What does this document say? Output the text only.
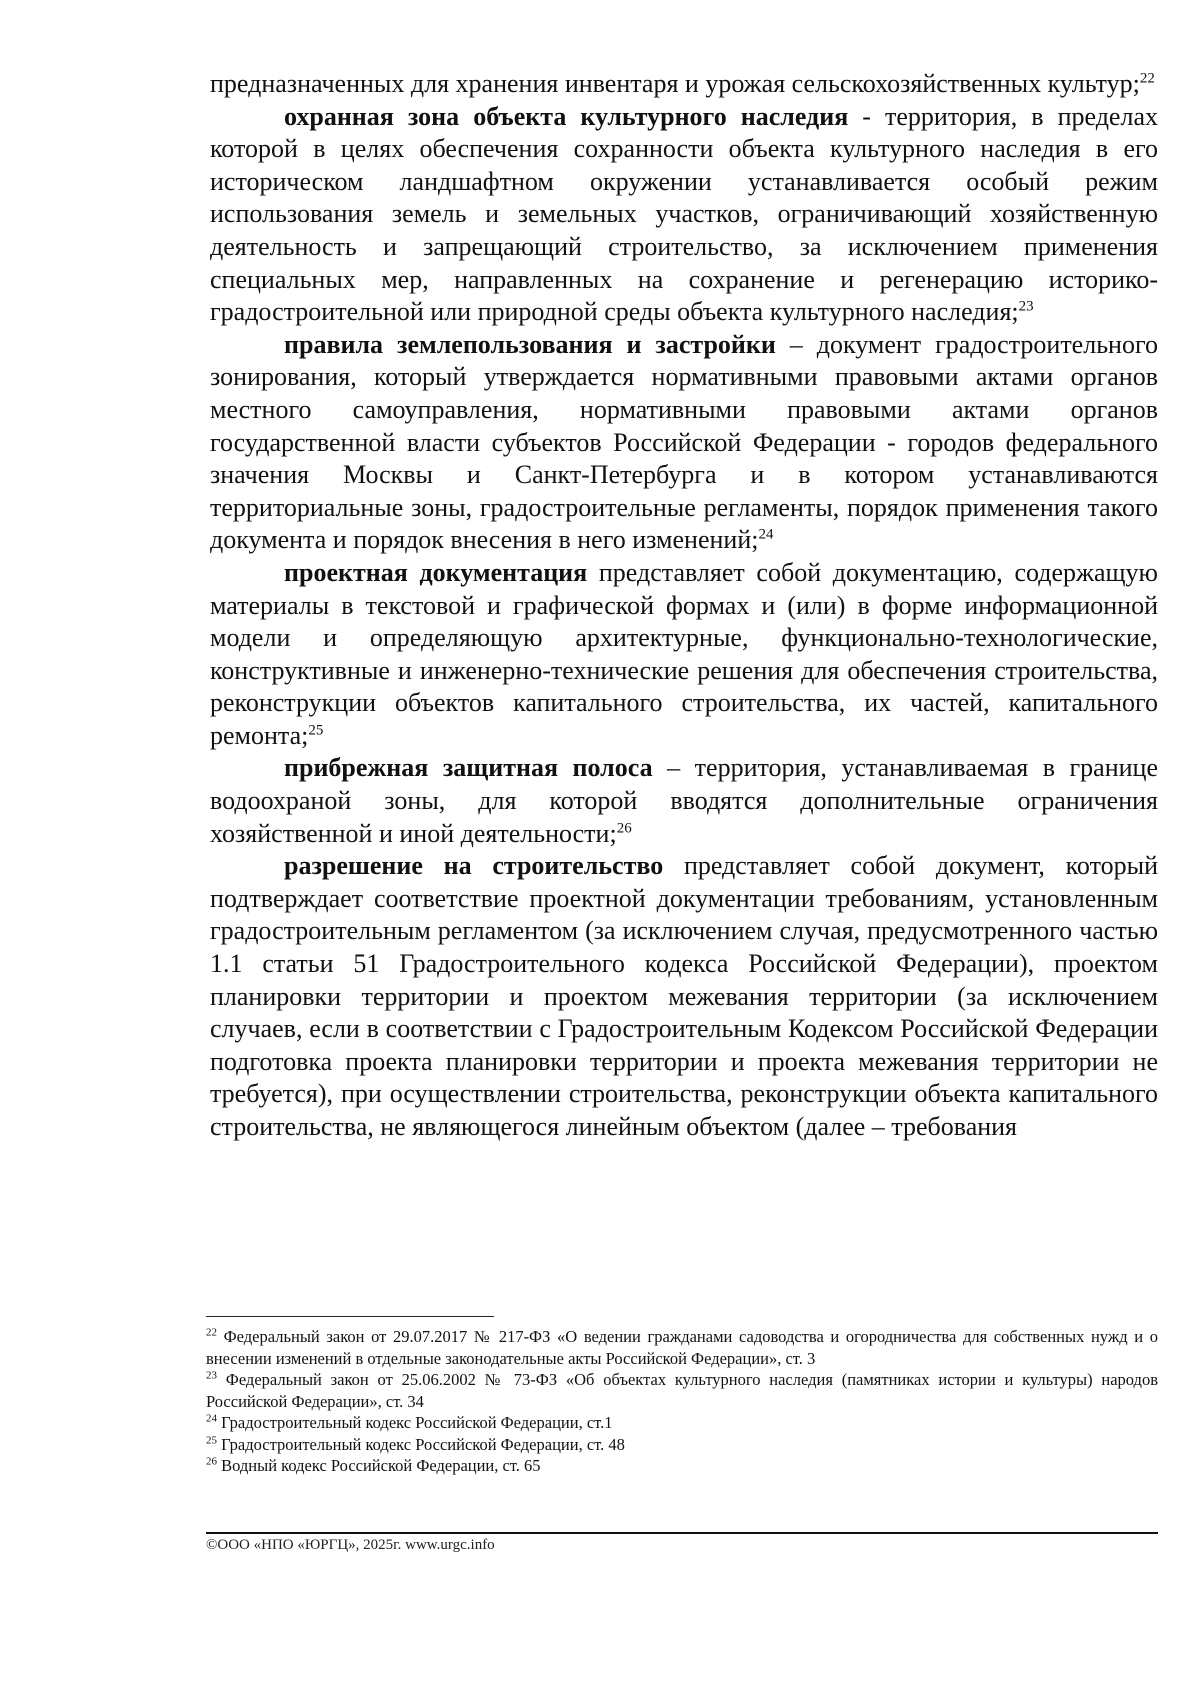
предназначенных для хранения инвентаря и урожая сельскохозяйственных культур;$^{22}$

охранная зона объекта культурного наследия - территория, в пределах которой в целях обеспечения сохранности объекта культурного наследия в его историческом ландшафтном окружении устанавливается особый режим использования земель и земельных участков, ограничивающий хозяйственную деятельность и запрещающий строительство, за исключением применения специальных мер, направленных на сохранение и регенерацию историко-градостроительной или природной среды объекта культурного наследия;$^{23}$

правила землепользования и застройки – документ градостроительного зонирования, который утверждается нормативными правовыми актами органов местного самоуправления, нормативными правовыми актами органов государственной власти субъектов Российской Федерации - городов федерального значения Москвы и Санкт-Петербурга и в котором устанавливаются территориальные зоны, градостроительные регламенты, порядок применения такого документа и порядок внесения в него изменений;$^{24}$

проектная документация представляет собой документацию, содержащую материалы в текстовой и графической формах и (или) в форме информационной модели и определяющую архитектурные, функционально-технологические, конструктивные и инженерно-технические решения для обеспечения строительства, реконструкции объектов капитального строительства, их частей, капитального ремонта;$^{25}$

прибрежная защитная полоса – территория, устанавливаемая в границе водоохраной зоны, для которой вводятся дополнительные ограничения хозяйственной и иной деятельности;$^{26}$

разрешение на строительство представляет собой документ, который подтверждает соответствие проектной документации требованиям, установленным градостроительным регламентом (за исключением случая, предусмотренного частью 1.1 статьи 51 Градостроительного кодекса Российской Федерации), проектом планировки территории и проектом межевания территории (за исключением случаев, если в соответствии с Градостроительным Кодексом Российской Федерации подготовка проекта планировки территории и проекта межевания территории не требуется), при осуществлении строительства, реконструкции объекта капитального строительства, не являющегося линейным объектом (далее – требования

$^{22}$ Федеральный закон от 29.07.2017 № 217-ФЗ «О ведении гражданами садоводства и огородничества для собственных нужд и о внесении изменений в отдельные законодательные акты Российской Федерации», ст. 3

$^{23}$ Федеральный закон от 25.06.2002 № 73-ФЗ «Об объектах культурного наследия (памятниках истории и культуры) народов Российской Федерации», ст. 34

$^{24}$ Градостроительный кодекс Российской Федерации, ст.1

$^{25}$ Градостроительный кодекс Российской Федерации, ст. 48

$^{26}$ Водный кодекс Российской Федерации, ст. 65

©ООО «НПО «ЮРГЦ», 2025г. www.urgc.info
